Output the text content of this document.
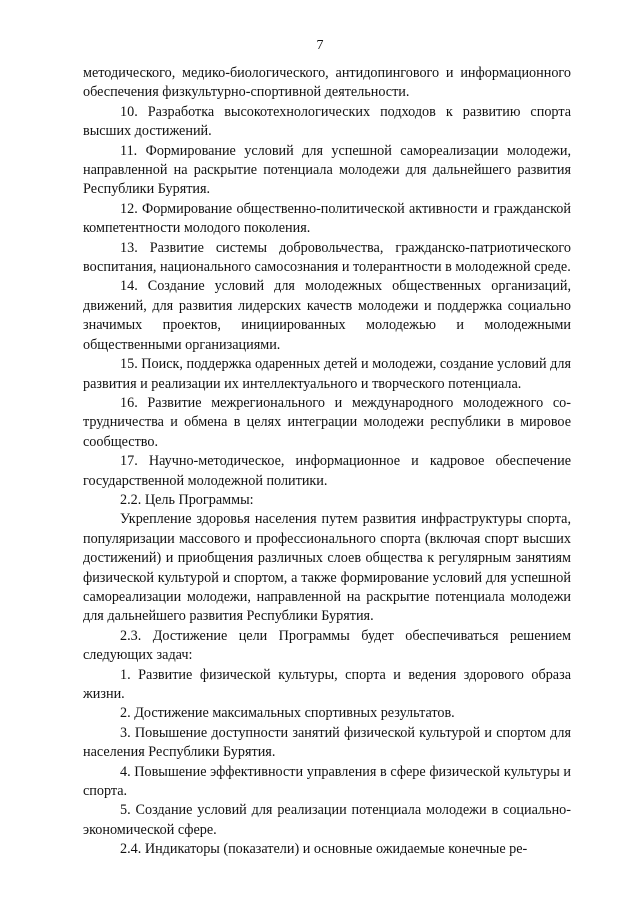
7

методического, медико-биологического, антидопингового и информационного обеспечения физкультурно-спортивной деятельности.

10. Разработка высокотехнологических подходов к развитию спорта высших достижений.

11. Формирование условий для успешной самореализации молодежи, направленной на раскрытие потенциала молодежи для дальнейшего развития Республики Бурятия.

12. Формирование общественно-политической активности и гражданской компетентности молодого поколения.

13. Развитие системы добровольчества, гражданско-патриотического воспитания, национального самосознания и толерантности в молодежной среде.

14. Создание условий для молодежных общественных организаций, движений, для развития лидерских качеств молодежи и поддержка социально значимых проектов, инициированных молодежью и молодежными общественными организациями.

15. Поиск, поддержка одаренных детей и молодежи, создание условий для развития и реализации их интеллектуального и творческого потенциала.

16. Развитие межрегионального и международного молодежного сотрудничества и обмена в целях интеграции молодежи республики в мировое сообщество.

17. Научно-методическое, информационное и кадровое обеспечение государственной молодежной политики.

2.2. Цель Программы:

Укрепление здоровья населения путем развития инфраструктуры спорта, популяризации массового и профессионального спорта (включая спорт высших достижений) и приобщения различных слоев общества к регулярным занятиям физической культурой и спортом, а также формирование условий для успешной самореализации молодежи, направленной на раскрытие потенциала молодежи для дальнейшего развития Республики Бурятия.

2.3. Достижение цели Программы будет обеспечиваться решением следующих задач:

1. Развитие физической культуры, спорта и ведения здорового образа жизни.

2. Достижение максимальных спортивных результатов.

3. Повышение доступности занятий физической культурой и спортом для населения Республики Бурятия.

4. Повышение эффективности управления в сфере физической культуры и спорта.

5. Создание условий для реализации потенциала молодежи в социально-экономической сфере.

2.4. Индикаторы (показатели) и основные ожидаемые конечные ре-
